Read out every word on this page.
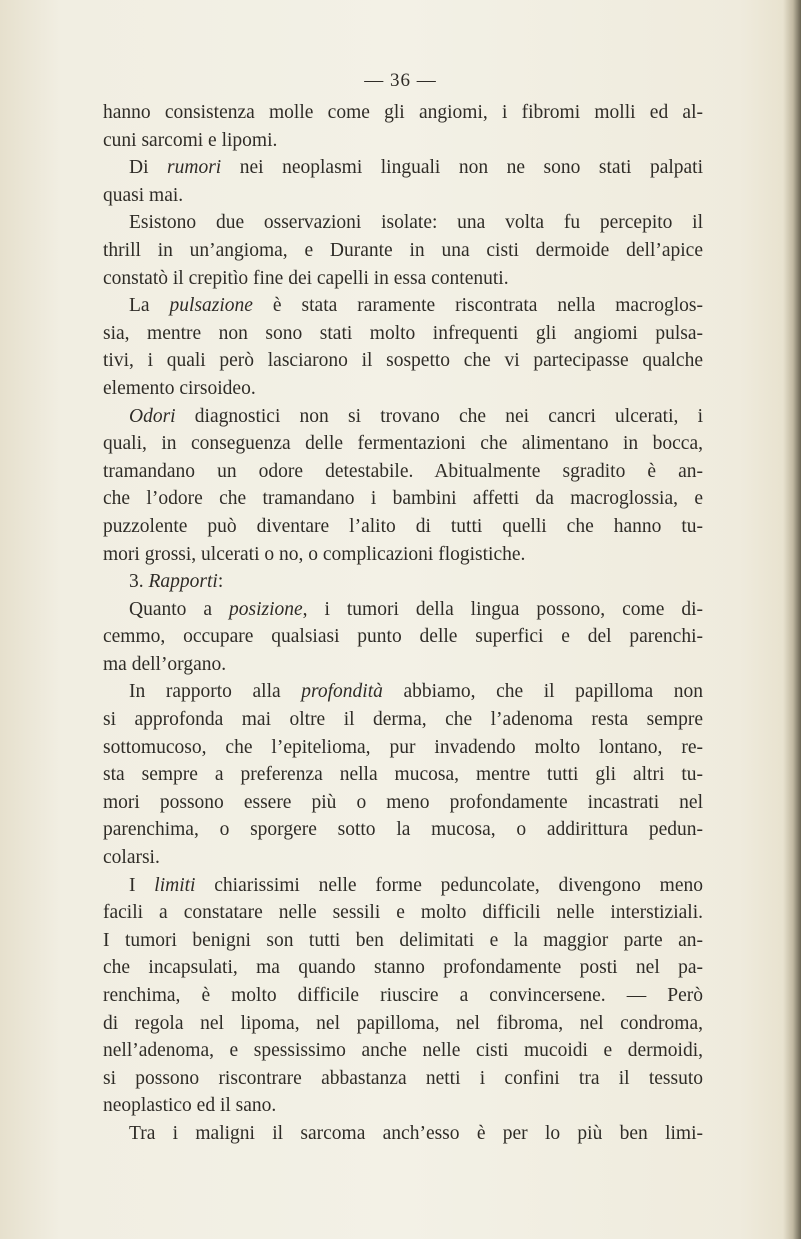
— 36 —
hanno consistenza molle come gli angiomi, i fibromi molli ed al-
cuni sarcomi e lipomi.
Di rumori nei neoplasmi linguali non ne sono stati palpati
quasi mai.
Esistono due osservazioni isolate: una volta fu percepito il
thrill in un’angioma, e Durante in una cisti dermoide dell’apice
constatò il crepitìo fine dei capelli in essa contenuti.
La pulsazione è stata raramente riscontrata nella macroglos-
sia, mentre non sono stati molto infrequenti gli angiomi pulsa-
tivi, i quali però lasciarono il sospetto che vi partecipasse qualche
elemento cirsoideo.
Odori diagnostici non si trovano che nei cancri ulcerati, i
quali, in conseguenza delle fermentazioni che alimentano in bocca,
tramandano un odore detestabile. Abitualmente sgradito è an-
che l’odore che tramandano i bambini affetti da macroglossia, e
puzzolente può diventare l’alito di tutti quelli che hanno tu-
mori grossi, ulcerati o no, o complicazioni flogistiche.
3. Rapporti:
Quanto a posizione, i tumori della lingua possono, come di-
cemmo, occupare qualsiasi punto delle superfici e del parenchi-
ma dell’organo.
In rapporto alla profondità abbiamo, che il papilloma non
si approfonda mai oltre il derma, che l’adenoma resta sempre
sottomucoso, che l’epitelioma, pur invadendo molto lontano, re-
sta sempre a preferenza nella mucosa, mentre tutti gli altri tu-
mori possono essere più o meno profondamente incastrati nel
parenchima, o sporgere sotto la mucosa, o addirittura pedun-
colarsi.
I limiti chiarissimi nelle forme peduncolate, divengono meno
facili a constatare nelle sessili e molto difficili nelle interstiziali.
I tumori benigni son tutti ben delimitati e la maggior parte an-
che incapsulati, ma quando stanno profondamente posti nel pa-
renchima, è molto difficile riuscire a convincersene. — Però
di regola nel lipoma, nel papilloma, nel fibroma, nel condroma,
nell’adenoma, e spessissimo anche nelle cisti mucoidi e dermoidi,
si possono riscontrare abbastanza netti i confini tra il tessuto
neoplastico ed il sano.
Tra i maligni il sarcoma anch’esso è per lo più ben limi-
